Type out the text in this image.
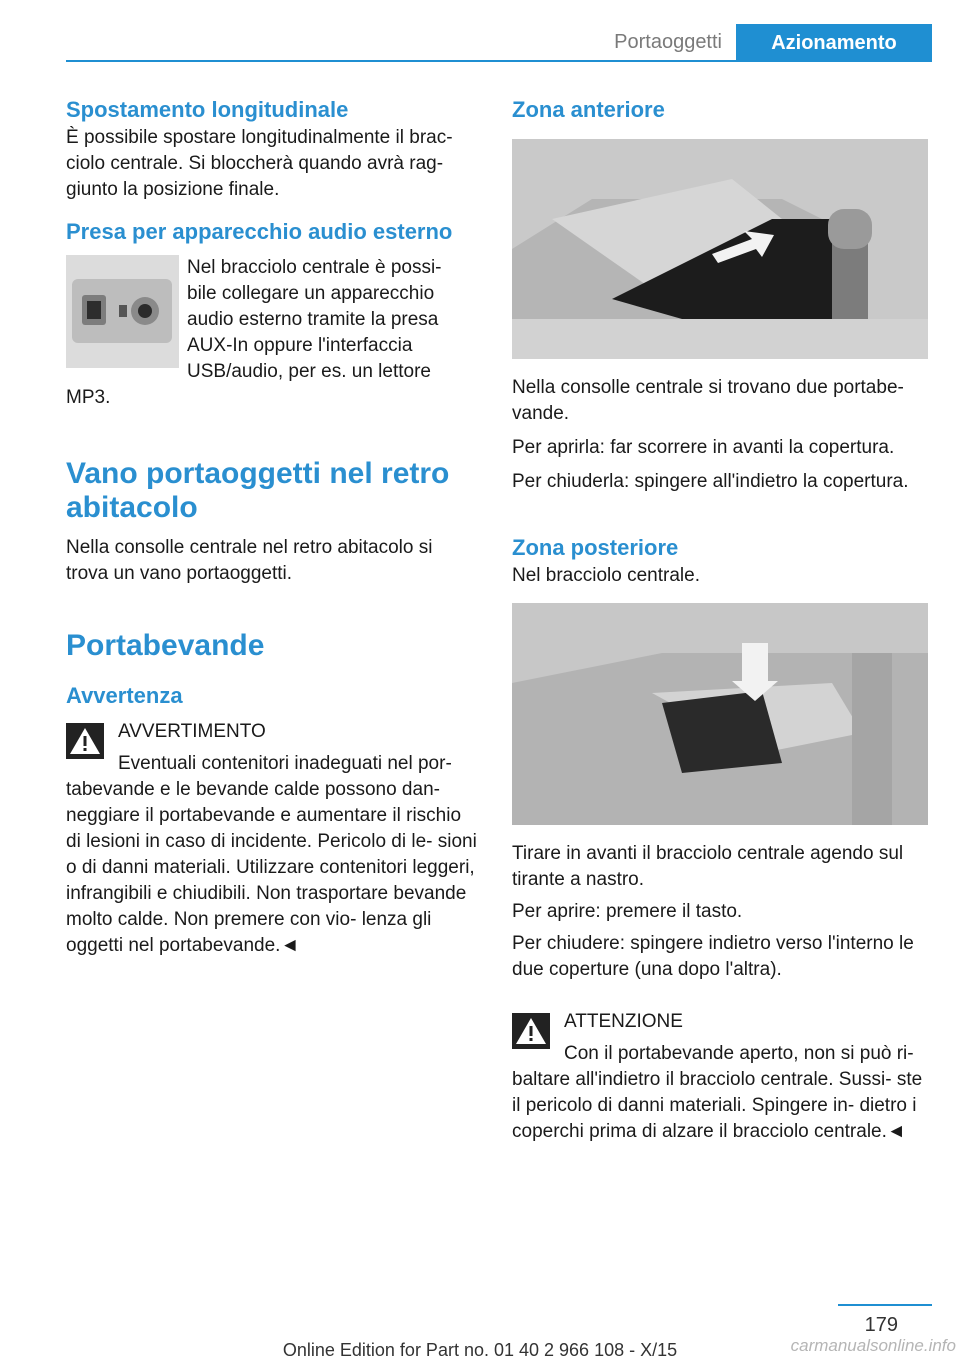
Portaoggetti	Azionamento
Spostamento longitudinale

È possibile spostare longitudinalmente il brac- ciolo centrale. Si bloccherà quando avrà rag- giunto la posizione finale.

Presa per apparecchio audio esterno

Nel bracciolo centrale è possi-

bile collegare un apparecchio

audio esterno tramite la presa

AUX-In oppure l'interfaccia

USB/audio, per es. un lettore

MP3.

Vano portaoggetti nel retro abitacolo

Nella consolle centrale nel retro abitacolo si trova un vano portaoggetti.

Portabevande
Avvertenza

AVVERTIMENTO

Eventuali contenitori inadeguati nel por-

tabevande e le bevande calde possono dan- neggiare il portabevande e aumentare il rischio di lesioni in caso di incidente. Pericolo di le- sioni o di danni materiali. Utilizzare contenitori leggeri, infrangibili e chiudibili. Non trasportare bevande molto calde. Non premere con vio- lenza gli oggetti nel portabevande.◄

Zona anteriore

Nella consolle centrale si trovano due portabe- vande.

Per aprirla: far scorrere in avanti la copertura.

Per chiuderla: spingere all'indietro la copertura.

Zona posteriore

Nel bracciolo centrale.

Tirare in avanti il bracciolo centrale agendo sul tirante a nastro.

Per aprire: premere il tasto.

Per chiudere: spingere indietro verso l'interno le due coperture (una dopo l'altra).

ATTENZIONE

Con il portabevande aperto, non si può ri-

baltare all'indietro il bracciolo centrale. Sussi- ste il pericolo di danni materiali. Spingere in- dietro i coperchi prima di alzare il bracciolo centrale.◄

179
Online Edition for Part no. 01 40 2 966 108 - X/15	carmanualsonline.info
